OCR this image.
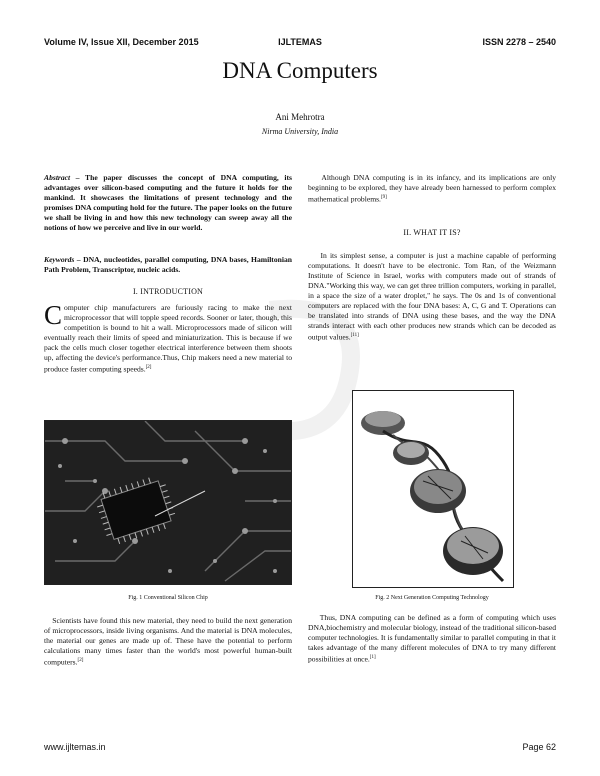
Volume IV, Issue XII, December 2015	IJLTEMAS	ISSN 2278 – 2540
DNA Computers
Ani Mehrotra
Nirma University, India
Abstract – The paper discusses the concept of DNA computing, its advantages over silicon-based computing and the future it holds for the mankind. It showcases the limitations of present technology and the promises DNA computing hold for the future. The paper looks on the future we shall be living in and how this new technology can sweep away all the notions of how we perceive and live in our world.
Keywords – DNA, nucleotides, parallel computing, DNA bases, Hamiltonian Path Problem, Transcriptor, nucleic acids.
I. INTRODUCTION
Computer chip manufacturers are furiously racing to make the next microprocessor that will topple speed records. Sooner or later, though, this competition is bound to hit a wall. Microprocessors made of silicon will eventually reach their limits of speed and miniaturization. This is because if we pack the cells much closer together electrical interference between them shoots up, affecting the device's performance.Thus, Chip makers need a new material to produce faster computing speeds.[2]
Fig. 1 Conventional Silicon Chip
Scientists have found this new material, they need to build the next generation of microprocessors, inside living organisms. And the material is DNA molecules, the material our genes are made up of. These have the potential to perform calculations many times faster than the world's most powerful human-built computers.[2]
Although DNA computing is in its infancy, and its implications are only beginning to be explored, they have already been harnessed to perform complex mathematical problems.[9]
II. WHAT IT IS?
In its simplest sense, a computer is just a machine capable of performing computations. It doesn't have to be electronic. Tom Ran, of the Weizmann Institute of Science in Israel, works with computers made out of strands of DNA."Working this way, we can get three trillion computers, working in parallel, in a space the size of a water droplet," he says. The 0s and 1s of conventional computers are replaced with the four DNA bases: A, C, G and T. Operations can be translated into strands of DNA using these bases, and the way the DNA strands interact with each other produces new strands which can be decoded as output values.[11]
Fig. 2 Next Generation Computing Technology
Thus, DNA computing can be defined as a form of computing which uses DNA,biochemistry and molecular biology, instead of the traditional silicon-based computer technologies. It is fundamentally similar to parallel computing in that it takes advantage of the many different molecules of DNA to try many different possibilities at once.[1]
www.ijltemas.in	Page 62
